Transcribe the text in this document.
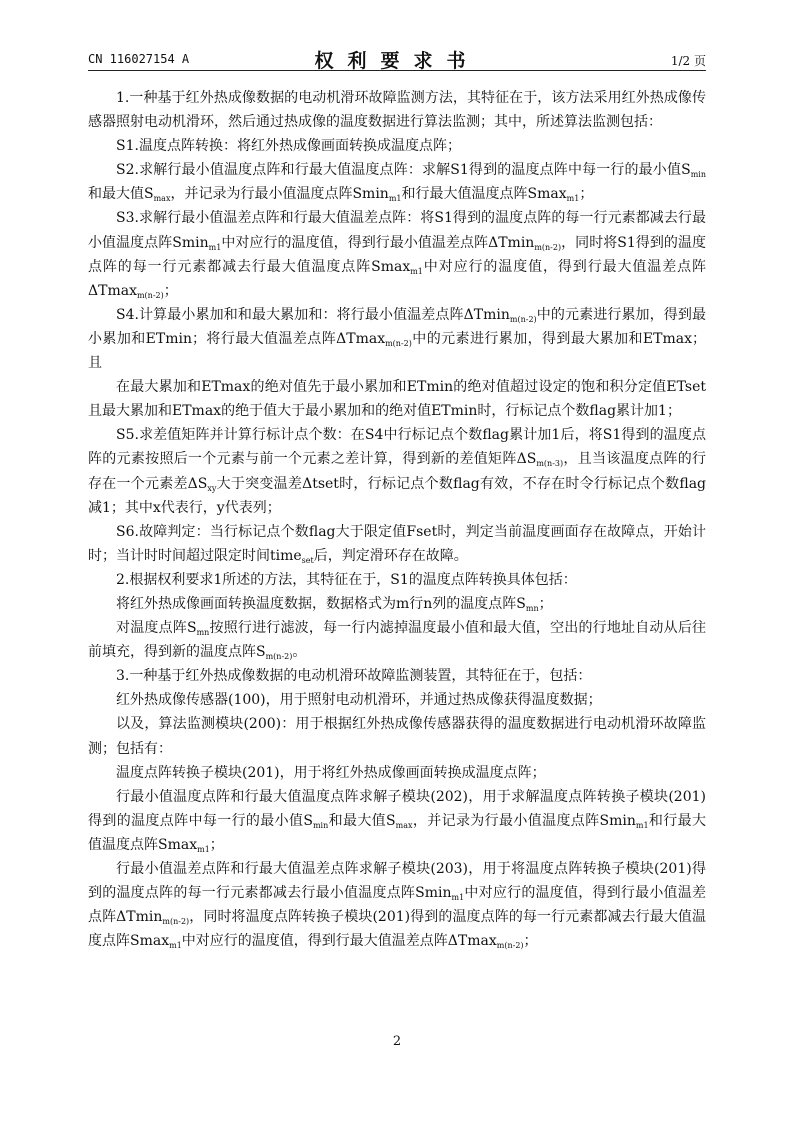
CN 116027154 A	权利要求书	1/2 页

1.一种基于红外热成像数据的电动机滑环故障监测方法，其特征在于，该方法采用红外热成像传感器照射电动机滑环，然后通过热成像的温度数据进行算法监测；其中，所述算法监测包括：

S1.温度点阵转换：将红外热成像画面转换成温度点阵；

S2.求解行最小值温度点阵和行最大值温度点阵：求解S1得到的温度点阵中每一行的最小值$S_{min}$和最大值$S_{max}$，并记录为行最小值温度点阵Smin$_{m1}$和行最大值温度点阵Smax$_{m1}$；

S3.求解行最小值温差点阵和行最大值温差点阵：将S1得到的温度点阵的每一行元素都减去行最小值温度点阵Smin$_{m1}$中对应行的温度值，得到行最小值温差点阵ΔTmin$_{m(n-2)}$，同时将S1得到的温度点阵的每一行元素都减去行最大值温度点阵Smax$_{m1}$中对应行的温度值，得到行最大值温差点阵ΔTmax$_{m(n-2)}$；

S4.计算最小累加和和最大累加和：将行最小值温差点阵ΔTmin$_{m(n-2)}$中的元素进行累加，得到最小累加和ETmin；将行最大值温差点阵ΔTmax$_{m(n-2)}$中的元素进行累加，得到最大累加和ETmax；且

在最大累加和ETmax的绝对值先于最小累加和ETmin的绝对值超过设定的饱和积分定值ETset且最大累加和ETmax的绝于值大于最小累加和的绝对值ETmin时，行标记点个数flag累计加1；

S5.求差值矩阵并计算行标计点个数：在S4中行标记点个数flag累计加1后，将S1得到的温度点阵的元素按照后一个元素与前一个元素之差计算，得到新的差值矩阵$\Delta S_{m(n-3)}$，且当该温度点阵的行存在一个元素差$\Delta S_{xy}$大于突变温差Δtset时，行标记点个数flag有效，不存在时令行标记点个数flag减1；其中x代表行，y代表列；

S6.故障判定：当行标记点个数flag大于限定值Fset时，判定当前温度画面存在故障点，开始计时；当计时时间超过限定时间time$_{set}$后，判定滑环存在故障。

2.根据权利要求1所述的方法，其特征在于，S1的温度点阵转换具体包括：

将红外热成像画面转换温度数据，数据格式为m行n列的温度点阵$S_{mn}$；

对温度点阵$S_{mn}$按照行进行滤波，每一行内滤掉温度最小值和最大值，空出的行地址自动从后往前填充，得到新的温度点阵$S_{m(n-2)}$。

3.一种基于红外热成像数据的电动机滑环故障监测装置，其特征在于，包括：

红外热成像传感器(100)，用于照射电动机滑环，并通过热成像获得温度数据；

以及，算法监测模块(200)：用于根据红外热成像传感器获得的温度数据进行电动机滑环故障监测；包括有：

温度点阵转换子模块(201)，用于将红外热成像画面转换成温度点阵；

行最小值温度点阵和行最大值温度点阵求解子模块(202)，用于求解温度点阵转换子模块(201)得到的温度点阵中每一行的最小值$S_{min}$和最大值$S_{max}$，并记录为行最小值温度点阵Smin$_{m1}$和行最大值温度点阵Smax$_{m1}$；

行最小值温差点阵和行最大值温差点阵求解子模块(203)，用于将温度点阵转换子模块(201)得到的温度点阵的每一行元素都减去行最小值温度点阵Smin$_{m1}$中对应行的温度值，得到行最小值温差点阵ΔTmin$_{m(n-2)}$，同时将温度点阵转换子模块(201)得到的温度点阵的每一行元素都减去行最大值温度点阵Smax$_{m1}$中对应行的温度值，得到行最大值温差点阵ΔTmax$_{m(n-2)}$；

2
